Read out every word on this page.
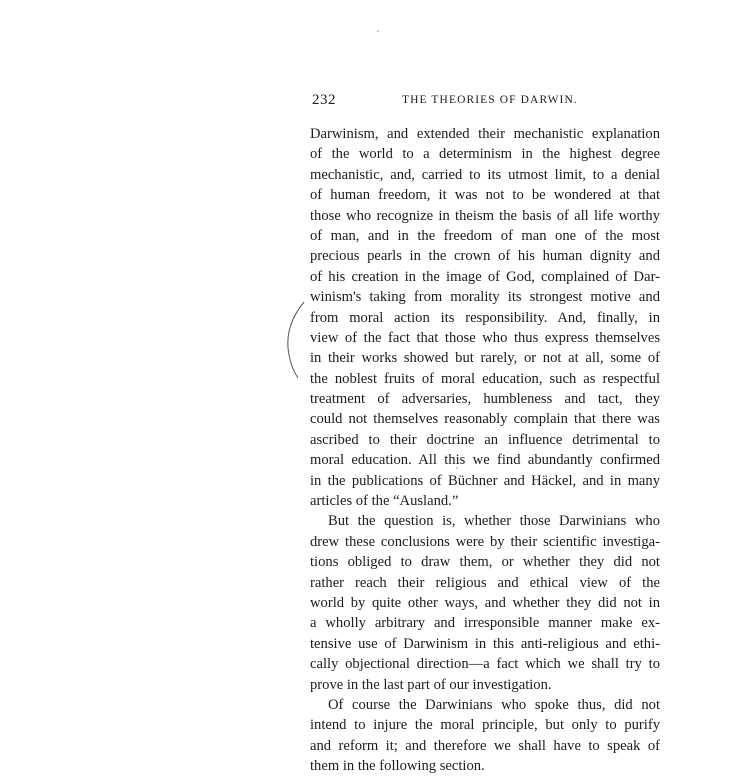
232	THE THEORIES OF DARWIN.
Darwinism, and extended their mechanistic explanation
of the world to a determinism in the highest degree
mechanistic, and, carried to its utmost limit, to a denial
of human freedom, it was not to be wondered at that
those who recognize in theism the basis of all life worthy
of man, and in the freedom of man one of the most
precious pearls in the crown of his human dignity and
of his creation in the image of God, complained of Dar-
winism's taking from morality its strongest motive and
from moral action its responsibility. And, finally, in
view of the fact that those who thus express themselves
in their works showed but rarely, or not at all, some of
the noblest fruits of moral education, such as respectful
treatment of adversaries, humbleness and tact, they
could not themselves reasonably complain that there was
ascribed to their doctrine an influence detrimental to
moral education. All this we find abundantly confirmed
in the publications of Büchner and Häckel, and in many
articles of the “Ausland.”
But the question is, whether those Darwinians who
drew these conclusions were by their scientific investiga-
tions obliged to draw them, or whether they did not
rather reach their religious and ethical view of the
world by quite other ways, and whether they did not in
a wholly arbitrary and irresponsible manner make ex-
tensive use of Darwinism in this anti-religious and ethi-
cally objectional direction—a fact which we shall try to
prove in the last part of our investigation.
Of course the Darwinians who spoke thus, did not
intend to injure the moral principle, but only to purify
and reform it; and therefore we shall have to speak of
them in the following section.
